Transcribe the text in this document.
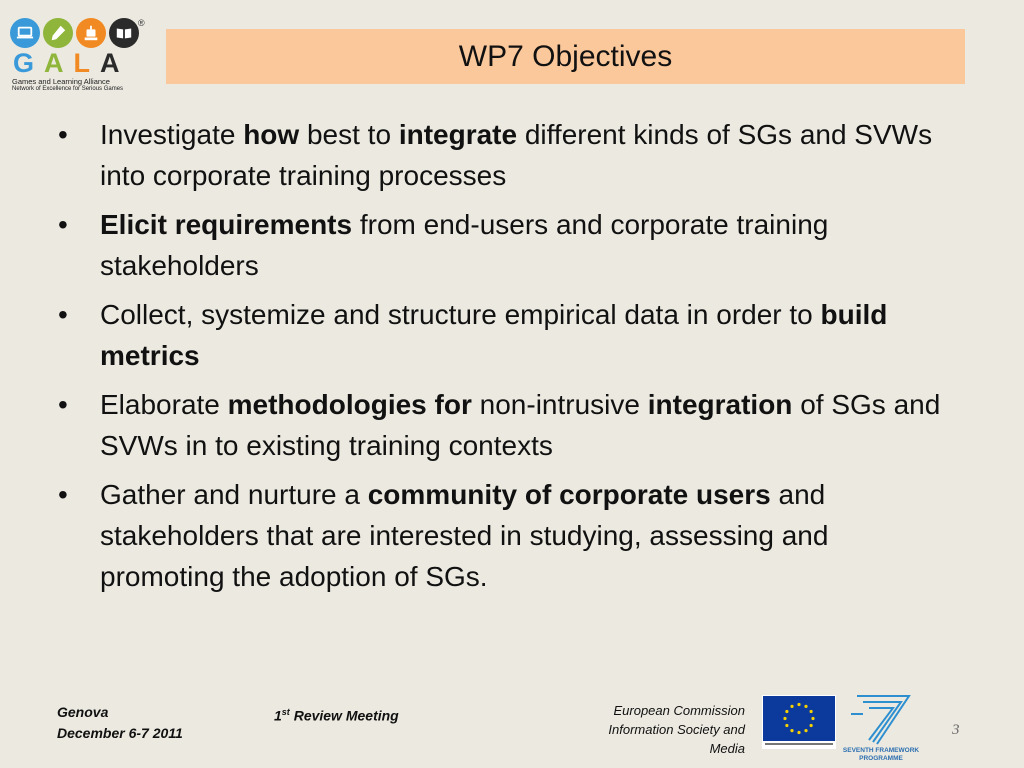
®
G A L A
Games and Learning Alliance
Network of Excellence for Serious Games
WP7 Objectives
• Investigate how best to integrate different kinds of SGs and SVWs into corporate training processes
• Elicit requirements from end-users and corporate training stakeholders
• Collect, systemize and structure empirical data in order to build metrics
• Elaborate methodologies for non-intrusive integration of SGs and SVWs in to existing training contexts
• Gather and nurture a community of corporate users and stakeholders that are interested in studying, assessing and promoting the adoption of SGs.
Genova
December 6-7 2011
1st Review Meeting	European Commission
Information Society and
Media	SEVENTH FRAMEWORK
PROGRAMME
3
